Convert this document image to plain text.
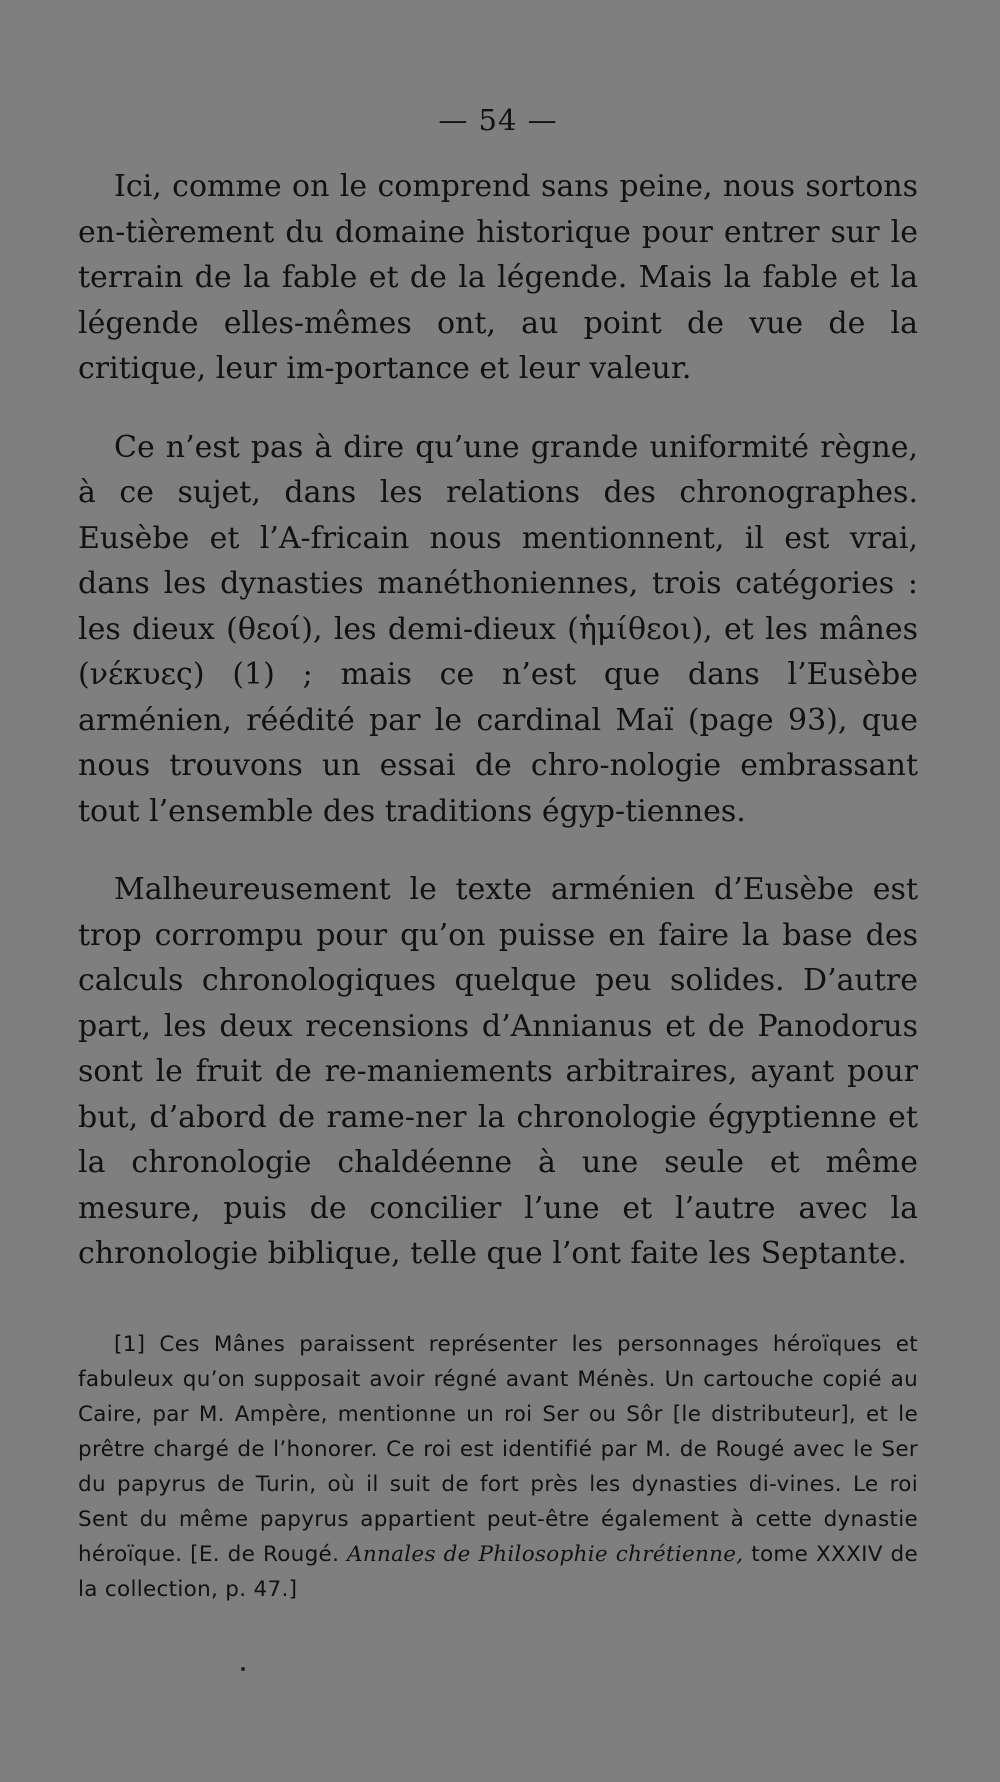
— 54 —

Ici, comme on le comprend sans peine, nous sortons en-tièrement du domaine historique pour entrer sur le terrain de la fable et de la légende. Mais la fable et la légende elles-mêmes ont, au point de vue de la critique, leur im-portance et leur valeur.

Ce n’est pas à dire qu’une grande uniformité règne, à ce sujet, dans les relations des chronographes. Eusèbe et l’A-fricain nous mentionnent, il est vrai, dans les dynasties manéthoniennes, trois catégories : les dieux (θεοί), les demi-dieux (ἡμίθεοι), et les mânes (νέκυες) (1) ; mais ce n’est que dans l’Eusèbe arménien, réédité par le cardinal Maï (page 93), que nous trouvons un essai de chro-nologie embrassant tout l’ensemble des traditions égyp-tiennes.

Malheureusement le texte arménien d’Eusèbe est trop corrompu pour qu’on puisse en faire la base des calculs chronologiques quelque peu solides. D’autre part, les deux recensions d’Annianus et de Panodorus sont le fruit de re-maniements arbitraires, ayant pour but, d’abord de rame-ner la chronologie égyptienne et la chronologie chaldéenne à une seule et même mesure, puis de concilier l’une et l’autre avec la chronologie biblique, telle que l’ont faite les Septante.

[1] Ces Mânes paraissent représenter les personnages héroïques et fabuleux qu’on supposait avoir régné avant Ménès. Un cartouche copié au Caire, par M. Ampère, mentionne un roi Ser ou Sôr [le distributeur], et le prêtre chargé de l’honorer. Ce roi est identifié par M. de Rougé avec le Ser du papyrus de Turin, où il suit de fort près les dynasties di-vines. Le roi Sent du même papyrus appartient peut-être également à cette dynastie héroïque. [E. de Rougé. Annales de Philosophie chrétienne, tome XXXIV de la collection, p. 47.]
